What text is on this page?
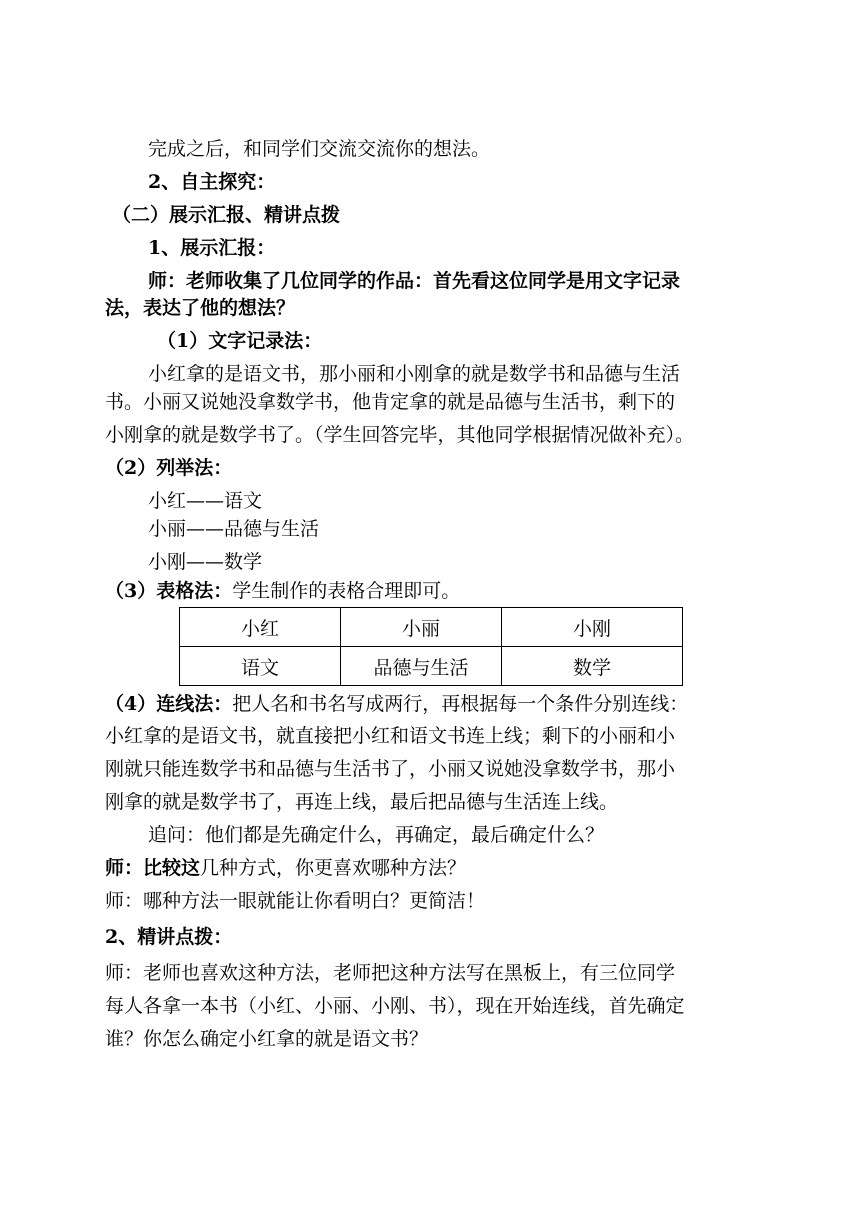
完成之后，和同学们交流交流你的想法。
2、自主探究：
（二）展示汇报、精讲点拨
1、展示汇报：
师：老师收集了几位同学的作品：首先看这位同学是用文字记录
法，表达了他的想法？
（1）文字记录法：
小红拿的是语文书，那小丽和小刚拿的就是数学书和品德与生活
书。小丽又说她没拿数学书，他肯定拿的就是品德与生活书，剩下的
小刚拿的就是数学书了。（学生回答完毕，其他同学根据情况做补充）。
（2）列举法：
小红——语文
小丽——品德与生活
小刚——数学
（3）表格法：学生制作的表格合理即可。
小红	小丽	小刚
语文	品德与生活	数学
（4）连线法：把人名和书名写成两行，再根据每一个条件分别连线：
小红拿的是语文书，就直接把小红和语文书连上线；剩下的小丽和小
刚就只能连数学书和品德与生活书了，小丽又说她没拿数学书，那小
刚拿的就是数学书了，再连上线，最后把品德与生活连上线。
追问：他们都是先确定什么，再确定，最后确定什么？
师：比较这几种方式，你更喜欢哪种方法？
师：哪种方法一眼就能让你看明白？更简洁！
2、精讲点拨：
师：老师也喜欢这种方法，老师把这种方法写在黑板上，有三位同学
每人各拿一本书（小红、小丽、小刚、书），现在开始连线，首先确定
谁？你怎么确定小红拿的就是语文书？
